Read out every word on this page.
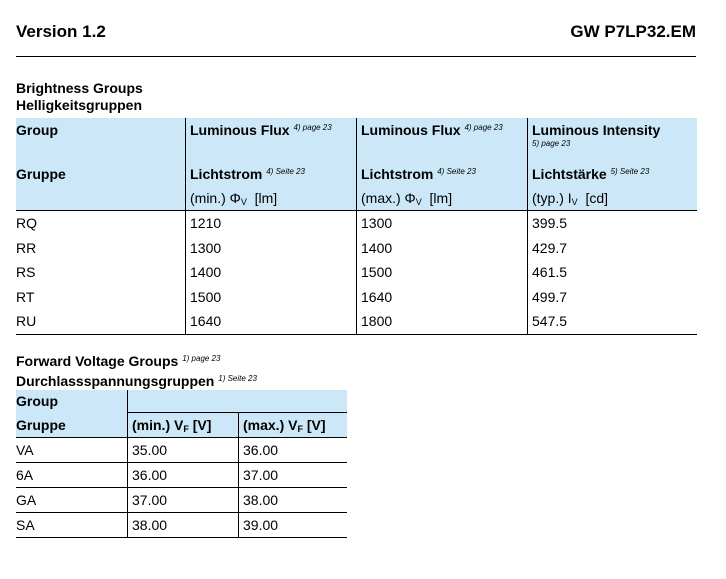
Version 1.2	GW P7LP32.EM
Brightness Groups
Helligkeitsgruppen
Group	Luminous Flux $^{4) page 23}$	Luminous Flux $^{4) page 23}$	Luminous Intensity
5) page 23

Gruppe	Lichtstrom $^{4) Seite 23}$	Lichtstrom $^{4) Seite 23}$	Lichtstärke $^{5) Seite 23}$
	(min.) $\Phi_V$ [lm]	(max.) $\Phi_V$ [lm]	(typ.) $I_V$ [cd]
RQ	1210	1300	399.5
RR	1300	1400	429.7
RS	1400	1500	461.5
RT	1500	1640	499.7
RU	1640	1800	547.5
Forward Voltage Groups $^{1) page 23}$
Durchlassspannungsgruppen $^{1) Seite 23}$
Group		
Gruppe	(min.) $V_F$ [V]	(max.) $V_F$ [V]
VA	35.00	36.00
6A	36.00	37.00
GA	37.00	38.00
SA	38.00	39.00
